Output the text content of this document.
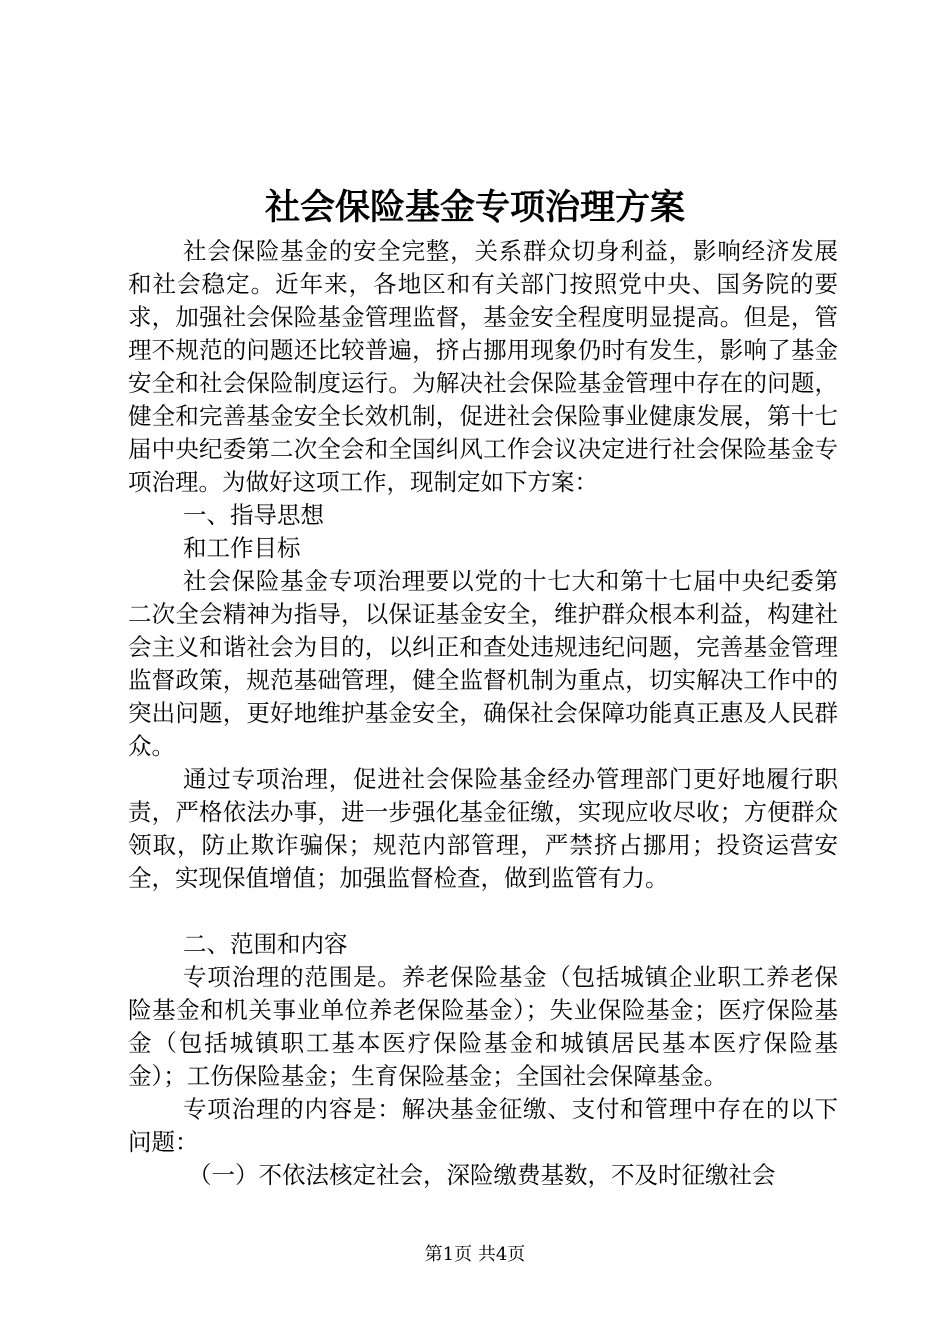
社会保险基金专项治理方案

社会保险基金的安全完整，关系群众切身利益，影响经济发展和社会稳定。近年来，各地区和有关部门按照党中央、国务院的要求，加强社会保险基金管理监督，基金安全程度明显提高。但是，管理不规范的问题还比较普遍，挤占挪用现象仍时有发生，影响了基金安全和社会保险制度运行。为解决社会保险基金管理中存在的问题，健全和完善基金安全长效机制，促进社会保险事业健康发展，第十七届中央纪委第二次全会和全国纠风工作会议决定进行社会保险基金专项治理。为做好这项工作，现制定如下方案：

一、指导思想

和工作目标

社会保险基金专项治理要以党的十七大和第十七届中央纪委第二次全会精神为指导，以保证基金安全，维护群众根本利益，构建社会主义和谐社会为目的，以纠正和查处违规违纪问题，完善基金管理监督政策，规范基础管理，健全监督机制为重点，切实解决工作中的突出问题，更好地维护基金安全，确保社会保障功能真正惠及人民群众。

通过专项治理，促进社会保险基金经办管理部门更好地履行职责，严格依法办事，进一步强化基金征缴，实现应收尽收；方便群众领取，防止欺诈骗保；规范内部管理，严禁挤占挪用；投资运营安全，实现保值增值；加强监督检查，做到监管有力。

二、范围和内容

专项治理的范围是。养老保险基金（包括城镇企业职工养老保险基金和机关事业单位养老保险基金）；失业保险基金；医疗保险基金（包括城镇职工基本医疗保险基金和城镇居民基本医疗保险基金）；工伤保险基金；生育保险基金；全国社会保障基金。

专项治理的内容是：解决基金征缴、支付和管理中存在的以下问题：

（一）不依法核定社会，深险缴费基数，不及时征缴社会

第1页 共4页
